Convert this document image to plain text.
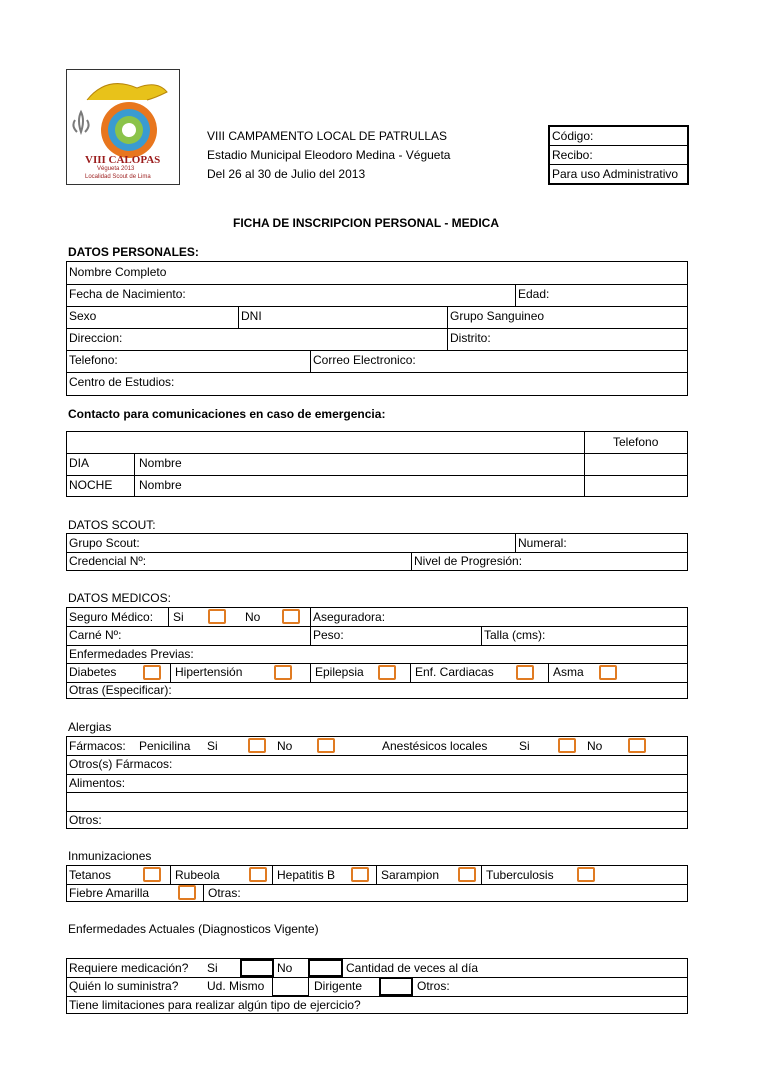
VIII CALOPAS
Végueta 2013
Localidad Scout de Lima
VIII CAMPAMENTO LOCAL DE PATRULLAS
Estadio Municipal Eleodoro Medina - Végueta
Del 26 al 30 de Julio del 2013
Código:
Recibo:
Para uso Administrativo
FICHA DE INSCRIPCION PERSONAL - MEDICA
DATOS PERSONALES:
Nombre Completo
Fecha de Nacimiento:	Edad:
Sexo	DNI	Grupo Sanguineo
Direccion:	Distrito:
Telefono:	Correo Electronico:
Centro de Estudios:
Contacto para comunicaciones en caso de emergencia:
Telefono
DIA	Nombre
NOCHE Nombre
DATOS SCOUT:
Grupo Scout:	Numeral:
Credencial Nº:	Nivel de Progresión:
DATOS MEDICOS:
Seguro Médico: Si	No	Aseguradora:
Carné Nº:	Peso:	Talla (cms):
Enfermedades Previas:
Diabetes	Hipertensión	Epilepsia	Enf. Cardiacas	Asma
Otras (Especificar):
Alergias
Fármacos: Penicilina Si	No	Anestésicos locales	Si	No
Otros(s) Fármacos:
Alimentos:
Otros:
Inmunizaciones
Tetanos	Rubeola	Hepatitis B	Sarampion	Tuberculosis
Fiebre Amarilla	Otras:
Enfermedades Actuales (Diagnosticos Vigente)
Requiere medicación? Si	No	Cantidad de veces al día
Quién lo suministra? Ud. Mismo	Dirigente	Otros:
Tiene limitaciones para realizar algún tipo de ejercicio?
